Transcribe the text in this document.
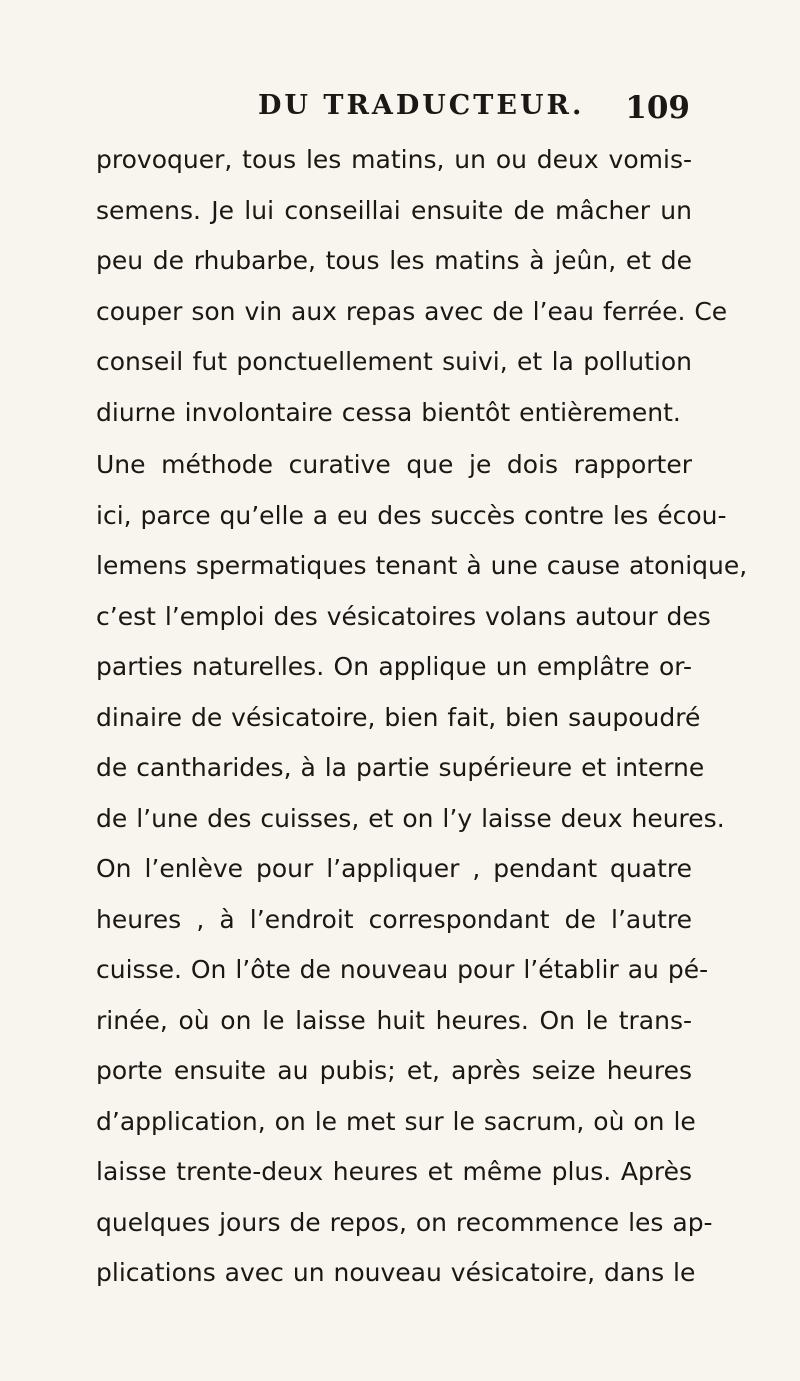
DU TRADUCTEUR. 109
provoquer, tous les matins, un ou deux vomis-
semens. Je lui conseillai ensuite de mâcher un
peu de rhubarbe, tous les matins à jeûn, et de
couper son vin aux repas avec de l’eau ferrée. Ce
conseil fut ponctuellement suivi, et la pollution
diurne involontaire cessa bientôt entièrement.
Une méthode curative que je dois rapporter
ici, parce qu’elle a eu des succès contre les écou-
lemens spermatiques tenant à une cause atonique,
c’est l’emploi des vésicatoires volans autour des
parties naturelles. On applique un emplâtre or-
dinaire de vésicatoire, bien fait, bien saupoudré
de cantharides, à la partie supérieure et interne
de l’une des cuisses, et on l’y laisse deux heures.
On l’enlève pour l’appliquer , pendant quatre
heures , à l’endroit correspondant de l’autre
cuisse. On l’ôte de nouveau pour l’établir au pé-
rinée, où on le laisse huit heures. On le trans-
porte ensuite au pubis; et, après seize heures
d’application, on le met sur le sacrum, où on le
laisse trente-deux heures et même plus. Après
quelques jours de repos, on recommence les ap-
plications avec un nouveau vésicatoire, dans le
